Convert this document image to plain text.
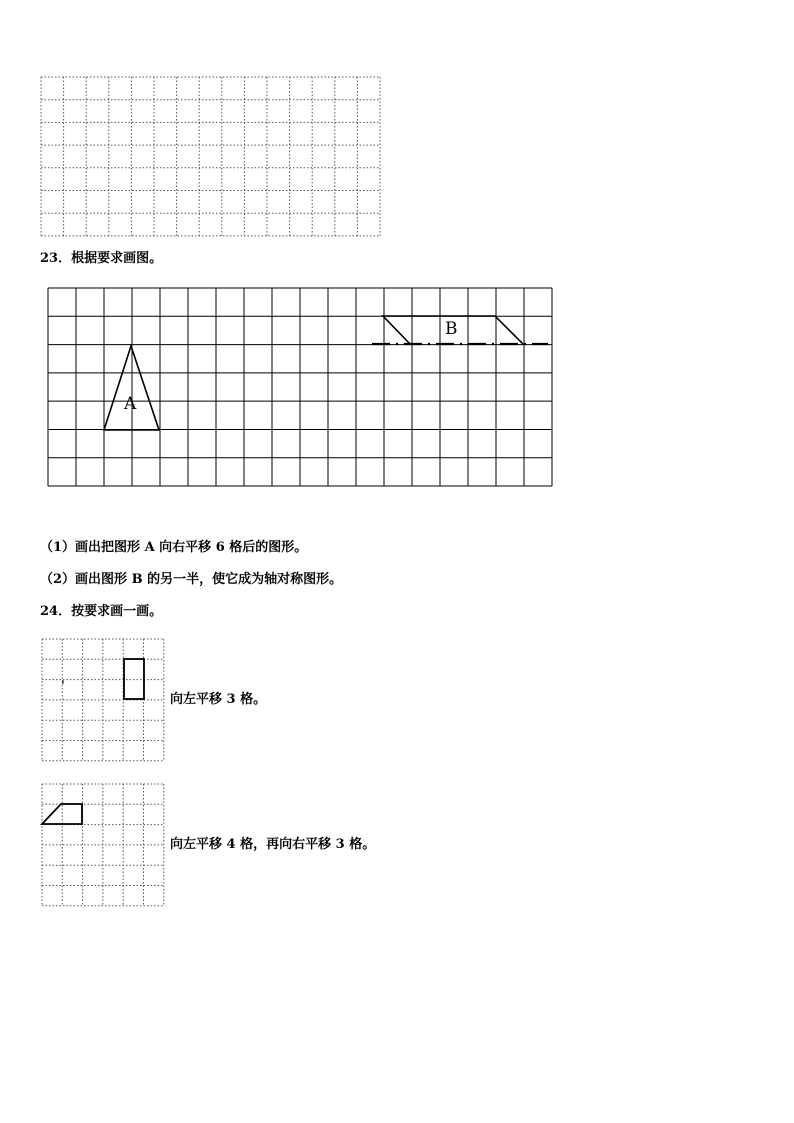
23．根据要求画图。
A
B
（1）画出把图形 A 向右平移 6 格后的图形。
（2）画出图形 B 的另一半，使它成为轴对称图形。
24．按要求画一画。
向左平移 3 格。
向左平移 4 格，再向右平移 3 格。
